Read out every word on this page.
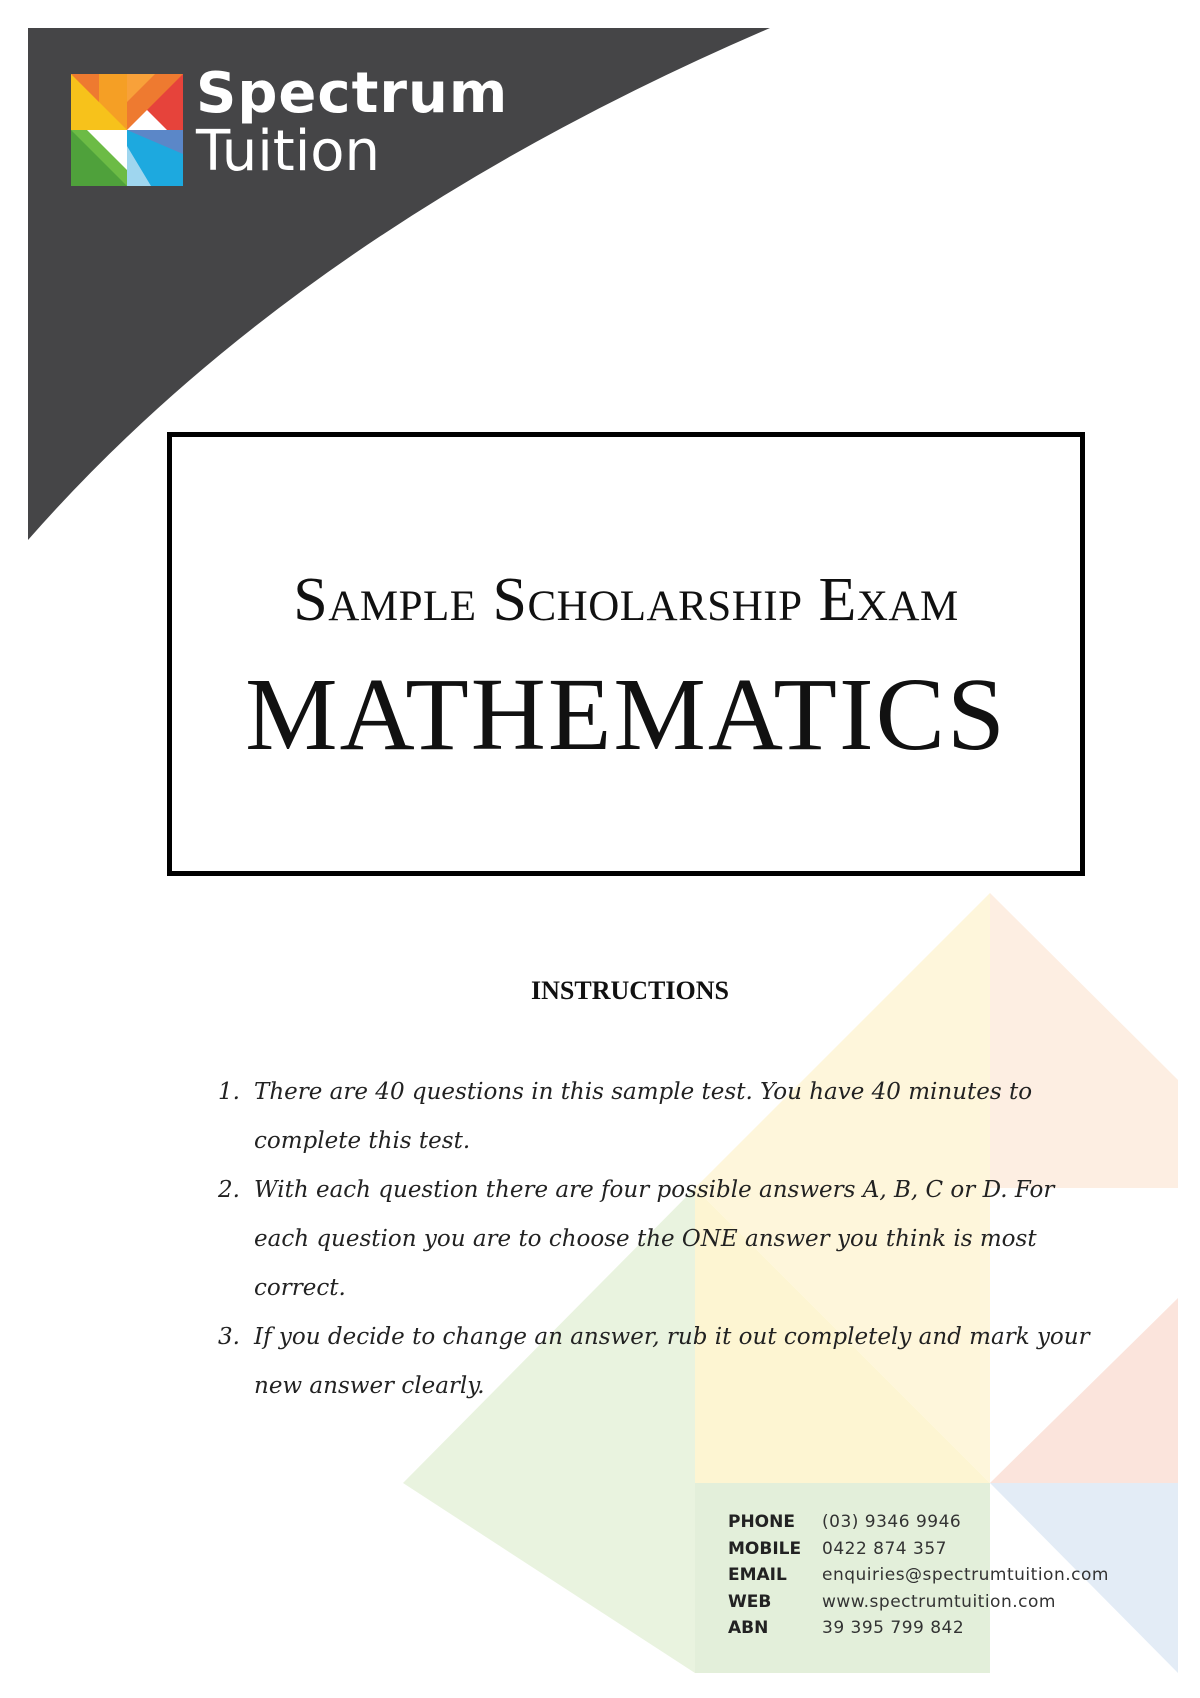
Spectrum
Tuition
Sample Scholarship Exam
MATHEMATICS
INSTRUCTIONS
1. There are 40 questions in this sample test. You have 40 minutes to complete this test.
2. With each question there are four possible answers A, B, C or D. For each question you are to choose the ONE answer you think is most correct.
3. If you decide to change an answer, rub it out completely and mark your new answer clearly.
PHONE	(03) 9346 9946
MOBILE	0422 874 357
EMAIL	enquiries@spectrumtuition.com
WEB	www.spectrumtuition.com
ABN	39 395 799 842
